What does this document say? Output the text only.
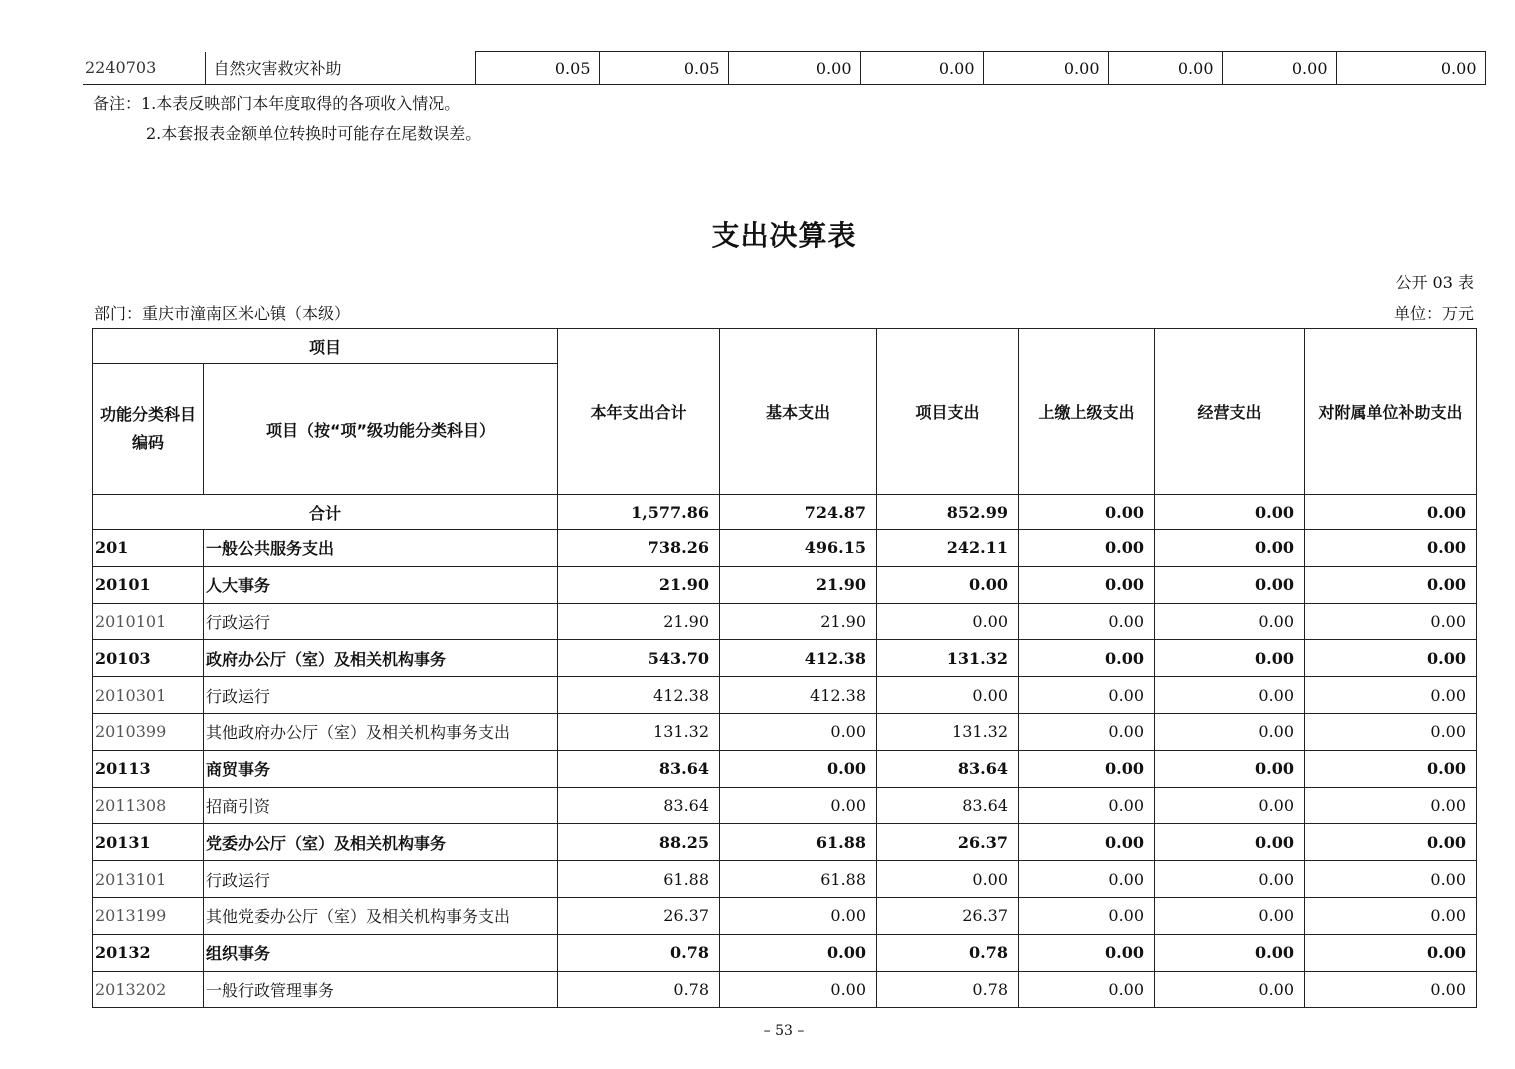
2240703	自然灾害救灾补助	0.05	0.05	0.00	0.00	0.00	0.00	0.00	0.00
备注：1.本表反映部门本年度取得的各项收入情况。
2.本套报表金额单位转换时可能存在尾数误差。
支出决算表
公开 03 表
部门：重庆市潼南区米心镇（本级）	单位：万元
项目		本年支出合计	基本支出	项目支出	上缴上级支出	经营支出	对附属单位补助支出
功能分类科目编码	项目（按“项”级功能分类科目）						
合计		1,577.86	724.87	852.99	0.00	0.00	0.00
201	一般公共服务支出	738.26	496.15	242.11	0.00	0.00	0.00
20101	人大事务	21.90	21.90	0.00	0.00	0.00	0.00
2010101	行政运行	21.90	21.90	0.00	0.00	0.00	0.00
20103	政府办公厅（室）及相关机构事务	543.70	412.38	131.32	0.00	0.00	0.00
2010301	行政运行	412.38	412.38	0.00	0.00	0.00	0.00
2010399	其他政府办公厅（室）及相关机构事务支出	131.32	0.00	131.32	0.00	0.00	0.00
20113	商贸事务	83.64	0.00	83.64	0.00	0.00	0.00
2011308	招商引资	83.64	0.00	83.64	0.00	0.00	0.00
20131	党委办公厅（室）及相关机构事务	88.25	61.88	26.37	0.00	0.00	0.00
2013101	行政运行	61.88	61.88	0.00	0.00	0.00	0.00
2013199	其他党委办公厅（室）及相关机构事务支出	26.37	0.00	26.37	0.00	0.00	0.00
20132	组织事务	0.78	0.00	0.78	0.00	0.00	0.00
2013202	一般行政管理事务	0.78	0.00	0.78	0.00	0.00	0.00
– 53 –
